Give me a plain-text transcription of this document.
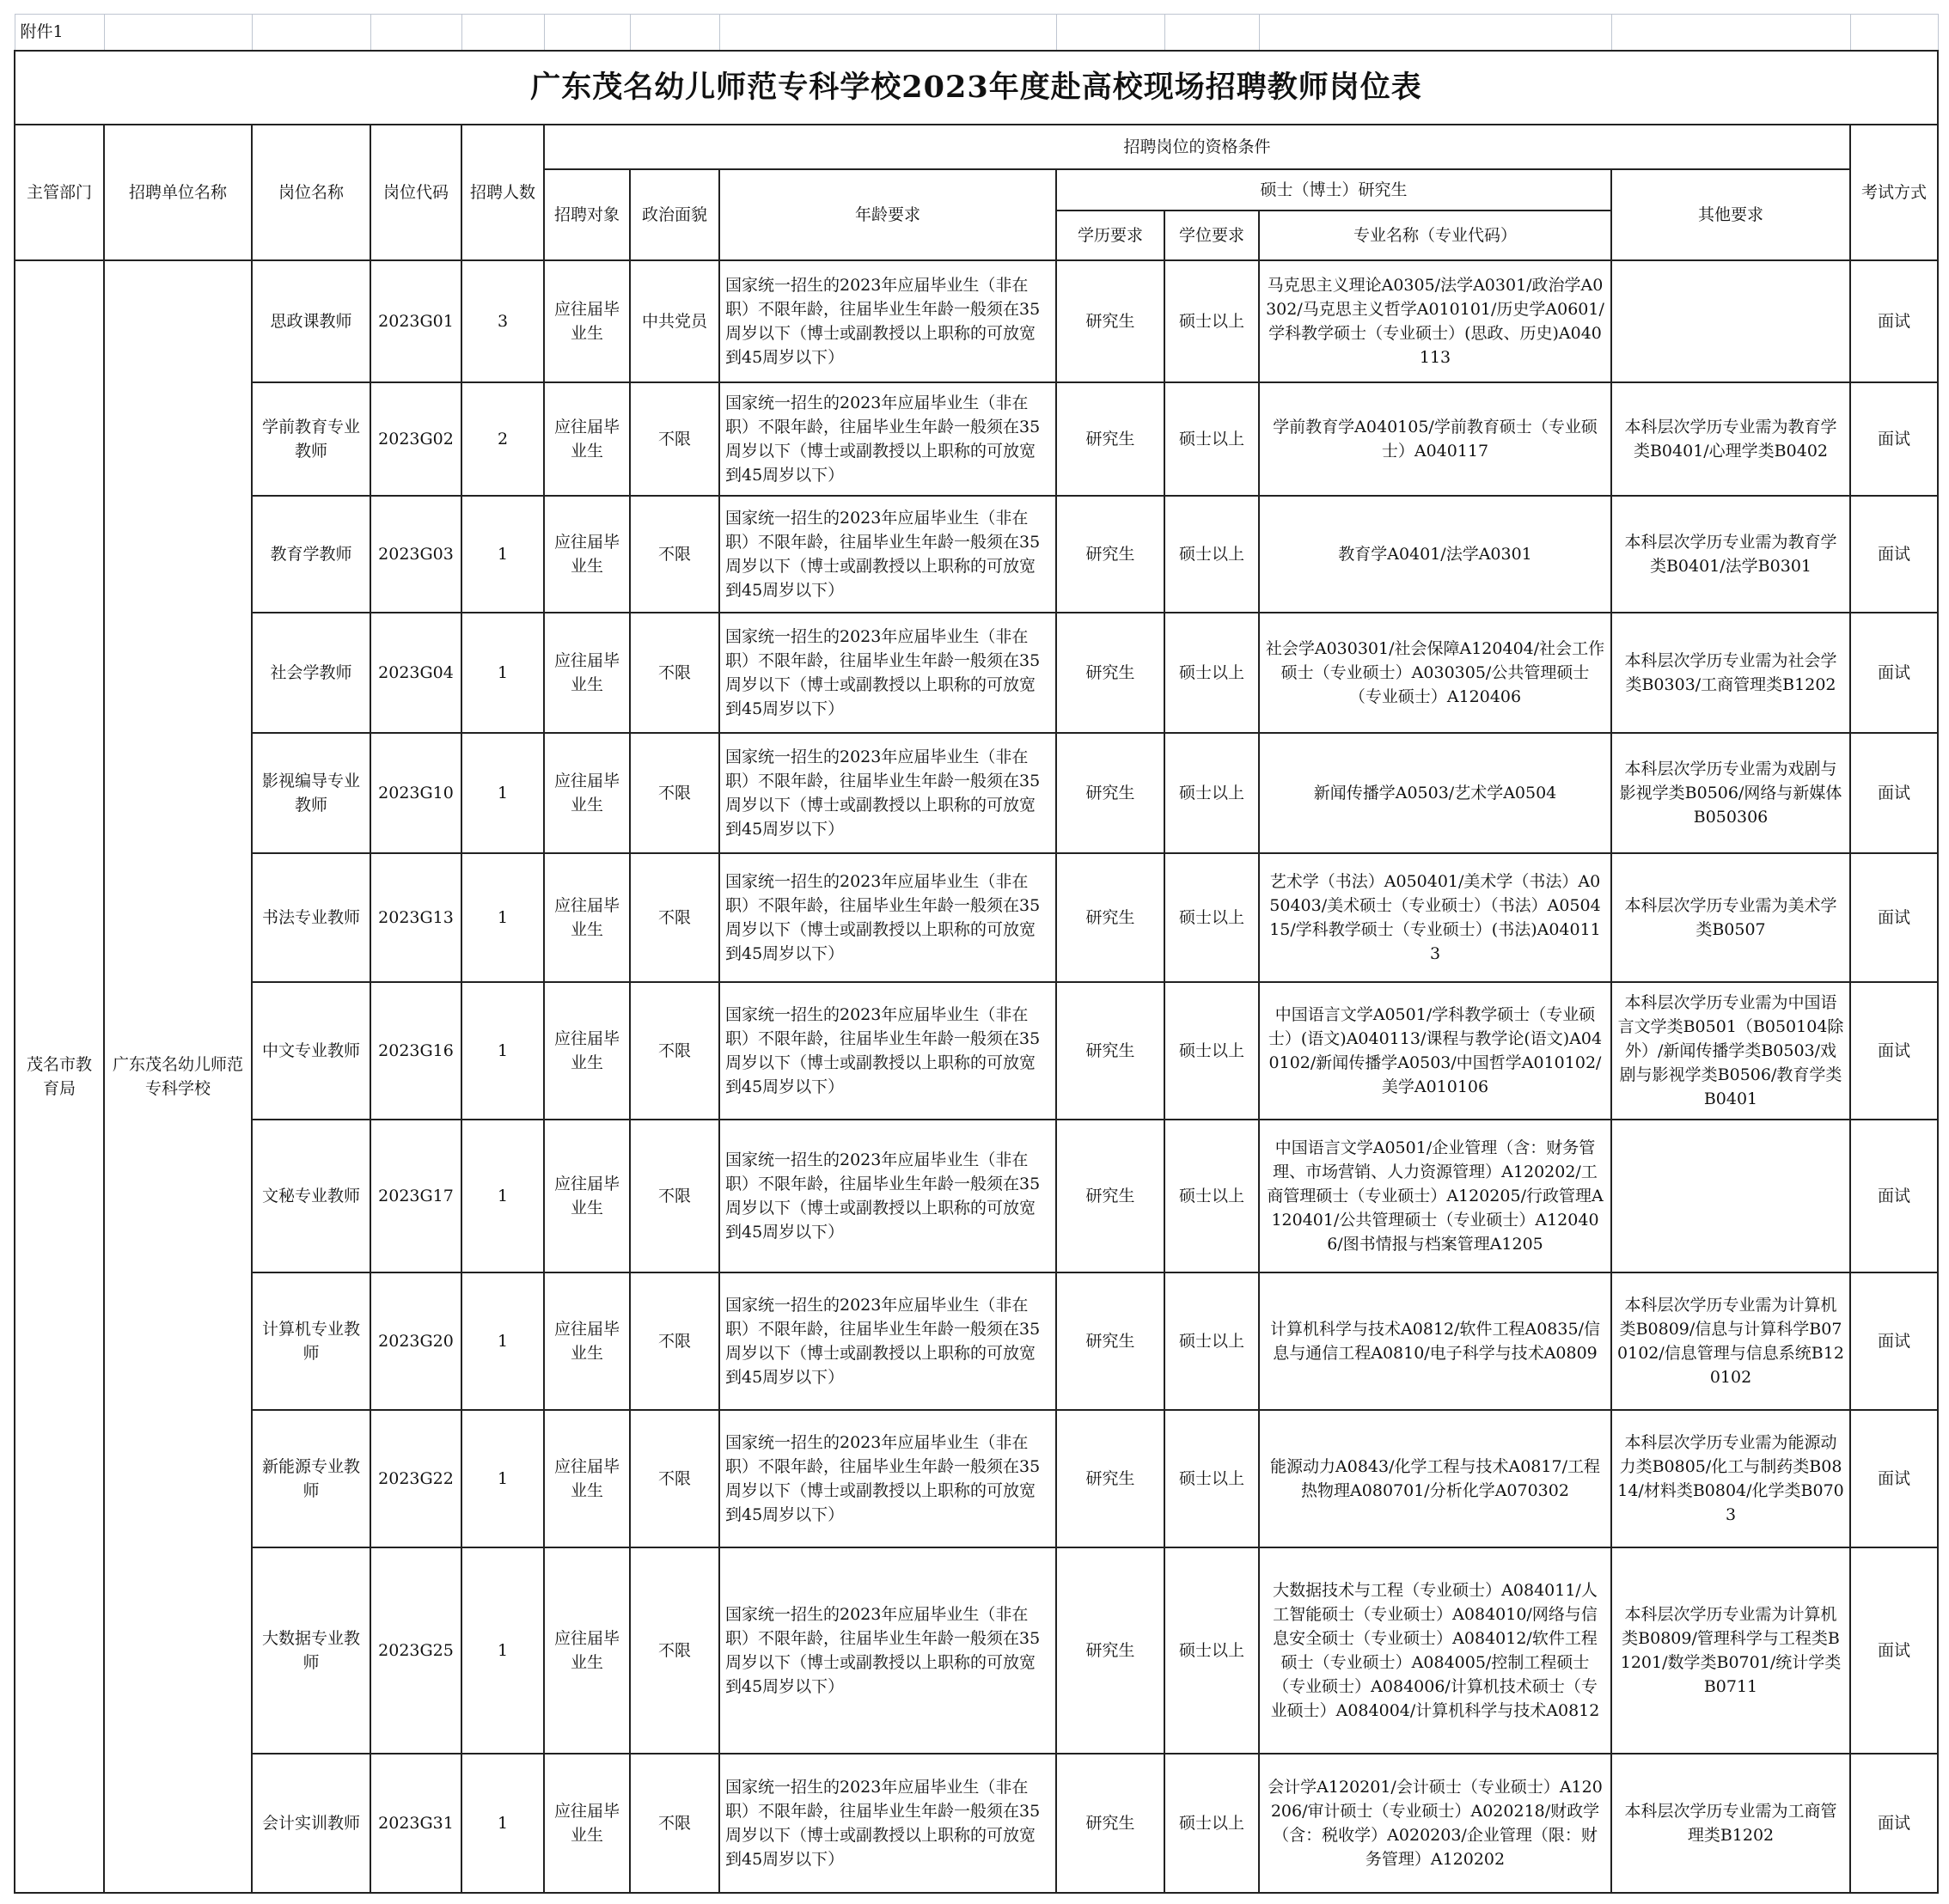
附件1												
广东茂名幼儿师范专科学校2023年度赴高校现场招聘教师岗位表												
主管部门	招聘单位名称	岗位名称	岗位代码	招聘人数	招聘岗位的资格条件							考试方式
					招聘对象	政治面貌	年龄要求	硕士（博士）研究生			其他要求	
								学历要求	学位要求	专业名称（专业代码）		
茂名市教育局	广东茂名幼儿师范专科学校	思政课教师	2023G01	3	应往届毕业生	中共党员	国家统一招生的2023年应届毕业生（非在职）不限年龄，往届毕业生年龄一般须在35周岁以下（博士或副教授以上职称的可放宽到45周岁以下）	研究生	硕士以上	马克思主义理论A0305/法学A0301/政治学A0302/马克思主义哲学A010101/历史学A0601/学科教学硕士（专业硕士）(思政、历史)A040113		面试
		学前教育专业教师	2023G02	2	应往届毕业生	不限	国家统一招生的2023年应届毕业生（非在职）不限年龄，往届毕业生年龄一般须在35周岁以下（博士或副教授以上职称的可放宽到45周岁以下）	研究生	硕士以上	学前教育学A040105/学前教育硕士（专业硕士）A040117	本科层次学历专业需为教育学类B0401/心理学类B0402	面试
		教育学教师	2023G03	1	应往届毕业生	不限	国家统一招生的2023年应届毕业生（非在职）不限年龄，往届毕业生年龄一般须在35周岁以下（博士或副教授以上职称的可放宽到45周岁以下）	研究生	硕士以上	教育学A0401/法学A0301	本科层次学历专业需为教育学类B0401/法学B0301	面试
		社会学教师	2023G04	1	应往届毕业生	不限	国家统一招生的2023年应届毕业生（非在职）不限年龄，往届毕业生年龄一般须在35周岁以下（博士或副教授以上职称的可放宽到45周岁以下）	研究生	硕士以上	社会学A030301/社会保障A120404/社会工作硕士（专业硕士）A030305/公共管理硕士（专业硕士）A120406	本科层次学历专业需为社会学类B0303/工商管理类B1202	面试
		影视编导专业教师	2023G10	1	应往届毕业生	不限	国家统一招生的2023年应届毕业生（非在职）不限年龄，往届毕业生年龄一般须在35周岁以下（博士或副教授以上职称的可放宽到45周岁以下）	研究生	硕士以上	新闻传播学A0503/艺术学A0504	本科层次学历专业需为戏剧与影视学类B0506/网络与新媒体B050306	面试
		书法专业教师	2023G13	1	应往届毕业生	不限	国家统一招生的2023年应届毕业生（非在职）不限年龄，往届毕业生年龄一般须在35周岁以下（博士或副教授以上职称的可放宽到45周岁以下）	研究生	硕士以上	艺术学（书法）A050401/美术学（书法）A050403/美术硕士（专业硕士）（书法）A050415/学科教学硕士（专业硕士）(书法)A040113	本科层次学历专业需为美术学类B0507	面试
		中文专业教师	2023G16	1	应往届毕业生	不限	国家统一招生的2023年应届毕业生（非在职）不限年龄，往届毕业生年龄一般须在35周岁以下（博士或副教授以上职称的可放宽到45周岁以下）	研究生	硕士以上	中国语言文学A0501/学科教学硕士（专业硕士）(语文)A040113/课程与教学论(语文)A040102/新闻传播学A0503/中国哲学A010102/美学A010106	本科层次学历专业需为中国语言文学类B0501（B050104除外）/新闻传播学类B0503/戏剧与影视学类B0506/教育学类B0401	面试
		文秘专业教师	2023G17	1	应往届毕业生	不限	国家统一招生的2023年应届毕业生（非在职）不限年龄，往届毕业生年龄一般须在35周岁以下（博士或副教授以上职称的可放宽到45周岁以下）	研究生	硕士以上	中国语言文学A0501/企业管理（含：财务管理、市场营销、人力资源管理）A120202/工商管理硕士（专业硕士）A120205/行政管理A120401/公共管理硕士（专业硕士）A120406/图书情报与档案管理A1205		面试
		计算机专业教师	2023G20	1	应往届毕业生	不限	国家统一招生的2023年应届毕业生（非在职）不限年龄，往届毕业生年龄一般须在35周岁以下（博士或副教授以上职称的可放宽到45周岁以下）	研究生	硕士以上	计算机科学与技术A0812/软件工程A0835/信息与通信工程A0810/电子科学与技术A0809	本科层次学历专业需为计算机类B0809/信息与计算科学B070102/信息管理与信息系统B120102	面试
		新能源专业教师	2023G22	1	应往届毕业生	不限	国家统一招生的2023年应届毕业生（非在职）不限年龄，往届毕业生年龄一般须在35周岁以下（博士或副教授以上职称的可放宽到45周岁以下）	研究生	硕士以上	能源动力A0843/化学工程与技术A0817/工程热物理A080701/分析化学A070302	本科层次学历专业需为能源动力类B0805/化工与制药类B0814/材料类B0804/化学类B0703	面试
		大数据专业教师	2023G25	1	应往届毕业生	不限	国家统一招生的2023年应届毕业生（非在职）不限年龄，往届毕业生年龄一般须在35周岁以下（博士或副教授以上职称的可放宽到45周岁以下）	研究生	硕士以上	大数据技术与工程（专业硕士）A084011/人工智能硕士（专业硕士）A084010/网络与信息安全硕士（专业硕士）A084012/软件工程硕士（专业硕士）A084005/控制工程硕士（专业硕士）A084006/计算机技术硕士（专业硕士）A084004/计算机科学与技术A0812	本科层次学历专业需为计算机类B0809/管理科学与工程类B1201/数学类B0701/统计学类B0711	面试
		会计实训教师	2023G31	1	应往届毕业生	不限	国家统一招生的2023年应届毕业生（非在职）不限年龄，往届毕业生年龄一般须在35周岁以下（博士或副教授以上职称的可放宽到45周岁以下）	研究生	硕士以上	会计学A120201/会计硕士（专业硕士）A120206/审计硕士（专业硕士）A020218/财政学（含：税收学）A020203/企业管理（限：财务管理）A120202	本科层次学历专业需为工商管理类B1202	面试
